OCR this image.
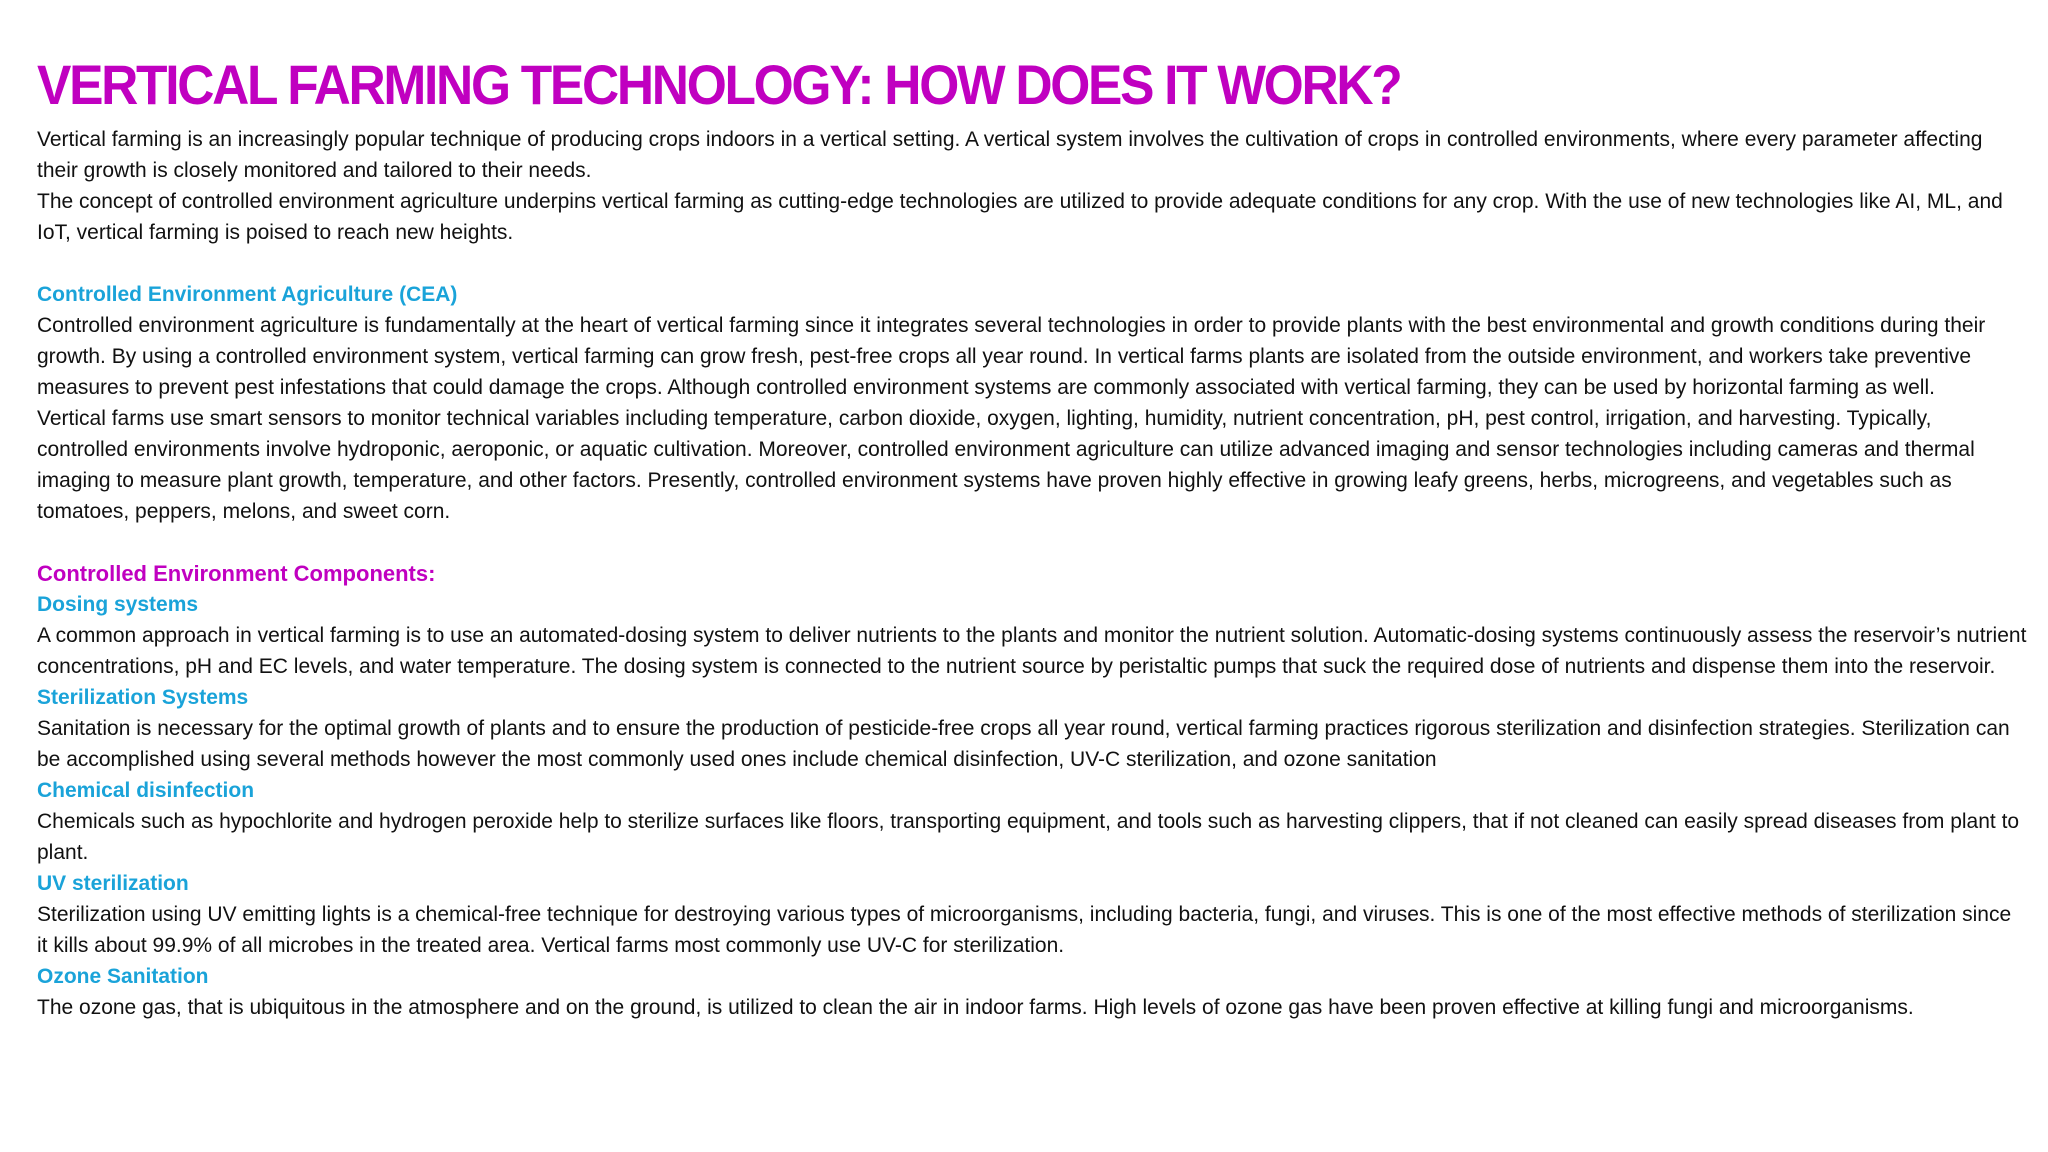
VERTICAL FARMING TECHNOLOGY: HOW DOES IT WORK?

Vertical farming is an increasingly popular technique of producing crops indoors in a vertical setting. A vertical system involves the cultivation of crops in controlled environments, where every parameter affecting their growth is closely monitored and tailored to their needs.

The concept of controlled environment agriculture underpins vertical farming as cutting-edge technologies are utilized to provide adequate conditions for any crop. With the use of new technologies like AI, ML, and IoT, vertical farming is poised to reach new heights.

Controlled Environment Agriculture (CEA)

Controlled environment agriculture is fundamentally at the heart of vertical farming since it integrates several technologies in order to provide plants with the best environmental and growth conditions during their growth. By using a controlled environment system, vertical farming can grow fresh, pest-free crops all year round. In vertical farms plants are isolated from the outside environment, and workers take preventive measures to prevent pest infestations that could damage the crops. Although controlled environment systems are commonly associated with vertical farming, they can be used by horizontal farming as well.

Vertical farms use smart sensors to monitor technical variables including temperature, carbon dioxide, oxygen, lighting, humidity, nutrient concentration, pH, pest control, irrigation, and harvesting. Typically, controlled environments involve hydroponic, aeroponic, or aquatic cultivation. Moreover, controlled environment agriculture can utilize advanced imaging and sensor technologies including cameras and thermal imaging to measure plant growth, temperature, and other factors. Presently, controlled environment systems have proven highly effective in growing leafy greens, herbs, microgreens, and vegetables such as tomatoes, peppers, melons, and sweet corn.

Controlled Environment Components:
Dosing systems

A common approach in vertical farming is to use an automated-dosing system to deliver nutrients to the plants and monitor the nutrient solution. Automatic-dosing systems continuously assess the reservoir’s nutrient concentrations, pH and EC levels, and water temperature. The dosing system is connected to the nutrient source by peristaltic pumps that suck the required dose of nutrients and dispense them into the reservoir.

Sterilization Systems

Sanitation is necessary for the optimal growth of plants and to ensure the production of pesticide-free crops all year round, vertical farming practices rigorous sterilization and disinfection strategies. Sterilization can be accomplished using several methods however the most commonly used ones include chemical disinfection, UV-C sterilization, and ozone sanitation

Chemical disinfection

Chemicals such as hypochlorite and hydrogen peroxide help to sterilize surfaces like floors, transporting equipment, and tools such as harvesting clippers, that if not cleaned can easily spread diseases from plant to plant.

UV sterilization

Sterilization using UV emitting lights is a chemical-free technique for destroying various types of microorganisms, including bacteria, fungi, and viruses. This is one of the most effective methods of sterilization since it kills about 99.9% of all microbes in the treated area. Vertical farms most commonly use UV-C for sterilization.

Ozone Sanitation

The ozone gas, that is ubiquitous in the atmosphere and on the ground, is utilized to clean the air in indoor farms. High levels of ozone gas have been proven effective at killing fungi and microorganisms.
